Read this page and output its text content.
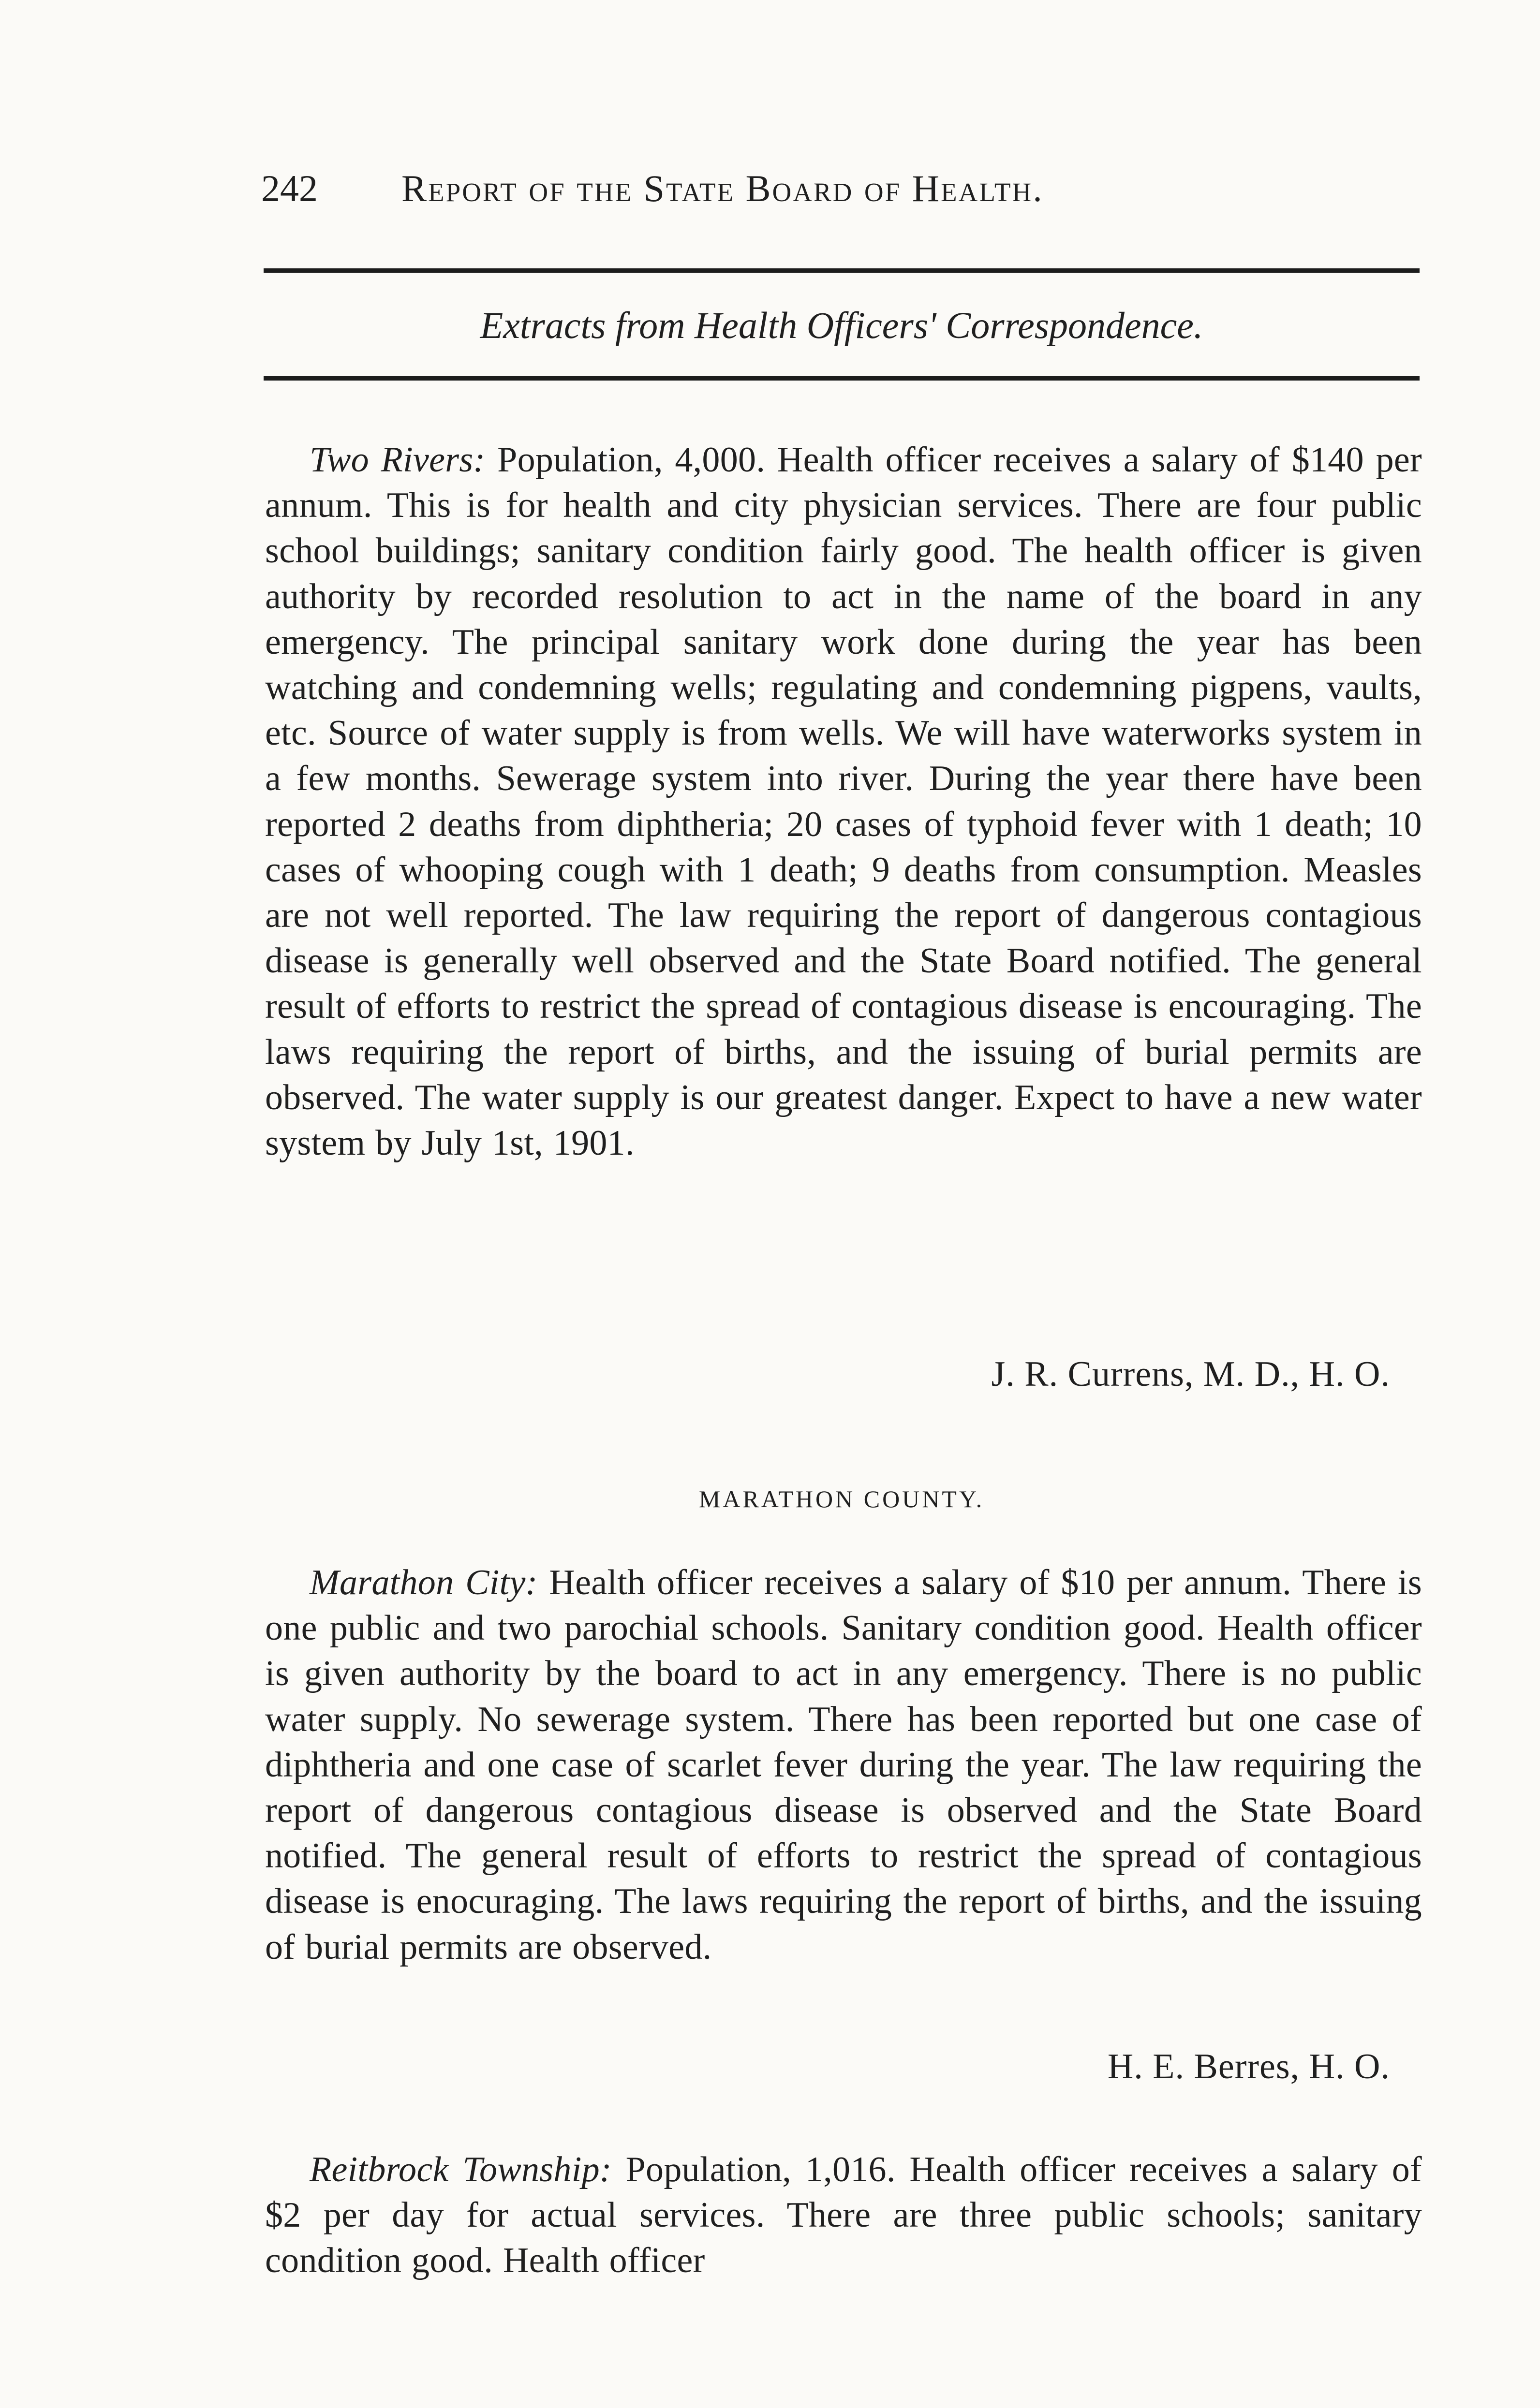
242 Report of the State Board of Health.
Extracts from Health Officers' Correspondence.

Two Rivers: Population, 4,000. Health officer receives a salary of $140 per annum. This is for health and city physician services. There are four public school buildings; sanitary condition fairly good. The health officer is given authority by recorded resolution to act in the name of the board in any emergency. The principal sanitary work done during the year has been watching and condemning wells; regulating and condemning pigpens, vaults, etc. Source of water supply is from wells. We will have waterworks system in a few months. Sewerage system into river. During the year there have been reported 2 deaths from diphtheria; 20 cases of typhoid fever with 1 death; 10 cases of whooping cough with 1 death; 9 deaths from consumption. Measles are not well reported. The law requiring the report of dangerous contagious disease is generally well observed and the State Board notified. The general result of efforts to restrict the spread of contagious disease is encouraging. The laws requiring the report of births, and the issuing of burial permits are observed. The water supply is our greatest danger. Expect to have a new water system by July 1st, 1901.

J. R. Currens, M. D., H. O.
MARATHON COUNTY.

Marathon City: Health officer receives a salary of $10 per annum. There is one public and two parochial schools. Sanitary condition good. Health officer is given authority by the board to act in any emergency. There is no public water supply. No sewerage system. There has been reported but one case of diphtheria and one case of scarlet fever during the year. The law requiring the report of dangerous contagious disease is observed and the State Board notified. The general result of efforts to restrict the spread of contagious disease is enocuraging. The laws requiring the report of births, and the issuing of burial permits are observed.

H. E. Berres, H. O.

Reitbrock Township: Population, 1,016. Health officer receives a salary of $2 per day for actual services. There are three public schools; sanitary condition good. Health officer
